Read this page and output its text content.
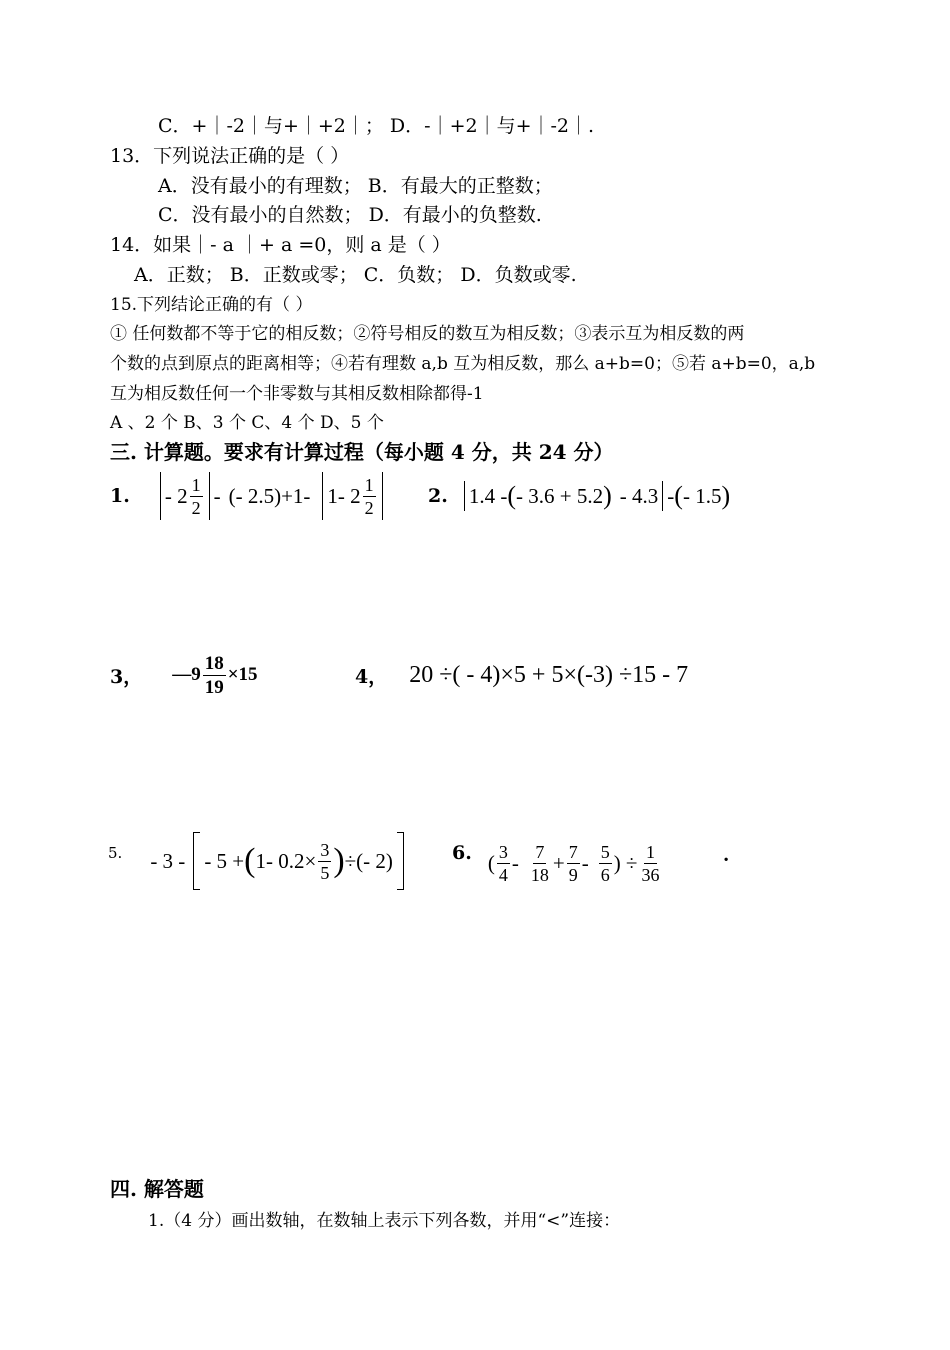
C．+｜-2｜与+｜+2｜； D．-｜+2｜与+｜-2｜.
13．下列说法正确的是（ ）
A．没有最小的有理数； B．有最大的正整数；
C．没有最小的自然数； D．有最小的负整数.
14．如果｜- a ｜+ a =0，则 a 是（ ）
A．正数； B．正数或零； C．负数； D．负数或零.
15.下列结论正确的有（ ）
① 任何数都不等于它的相反数；②符号相反的数互为相反数；③表示互为相反数的两
个数的点到原点的距离相等；④若有理数 a,b 互为相反数，那么 a+b=0；⑤若 a+b=0，a,b
互为相反数任何一个非零数与其相反数相除都得-1
A 、2 个 B、3 个 C、4 个 D、5 个
三. 计算题。要求有计算过程（每小题 4 分，共 24 分）
1. - $2 \frac{1}{2}$ - (- 2.5)+1- 1- $2 \frac{1}{2}$	2. 1.4 - ( - 3.6 + 5.2 ) - 4.3 - ( - 1.5 )
3， —9 $\frac{18}{19} \times 15$	4， 20 ÷( - 4)×5 + 5×(-3) ÷15 - 7
5. - 3 - - 5 + ( 1- $0.2\times \frac{3}{5}$ ) ÷(- 2)	6. ( $\frac{3}{4} - \frac{7}{18} + \frac{7}{9} - \frac{5}{6}$ ) ÷ $\frac{1}{36}$	.
四. 解答题
1.（4 分）画出数轴，在数轴上表示下列各数，并用“<”连接：
